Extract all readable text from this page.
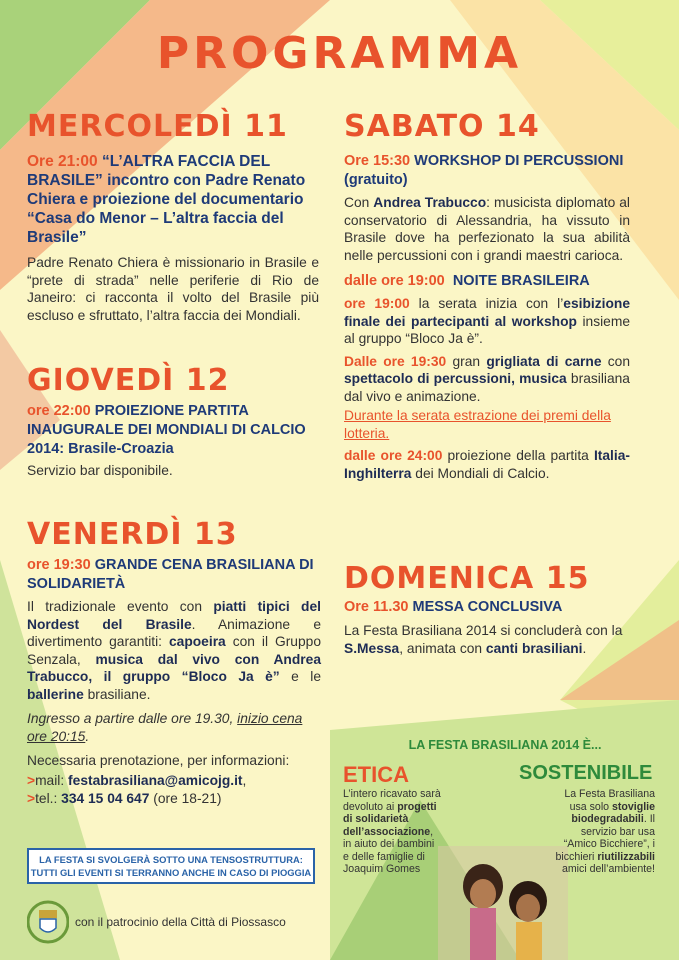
PROGRAMMA

MERCOLEDÌ 11

Ore 21:00 “L’ALTRA FACCIA DEL BRASILE” incontro con Padre Renato Chiera e proiezione del documentario “Casa do Menor – L’altra faccia del Brasile”

Padre Renato Chiera è missionario in Brasile e “prete di strada” nelle periferie di Rio de Janeiro: ci racconta il volto del Brasile più escluso e sfruttato, l’altra faccia dei Mondiali.

GIOVEDÌ 12

ore 22:00 PROIEZIONE PARTITA INAUGURALE DEI MONDIALI DI CALCIO 2014: Brasile-Croazia

Servizio bar disponibile.

VENERDÌ 13

ore 19:30 GRANDE CENA BRASILIANA DI SOLIDARIETÀ

Il tradizionale evento con piatti tipici del Nordest del Brasile. Animazione e divertimento garantiti: capoeira con il Gruppo Senzala, musica dal vivo con Andrea Trabucco, il gruppo “Bloco Ja è” e le ballerine brasiliane.

Ingresso a partire dalle ore 19.30, inizio cena ore 20:15.

Necessaria prenotazione, per informazioni:

>mail: festabrasiliana@amicojg.it,

>tel.: 334 15 04 647 (ore 18-21)

LA FESTA SI SVOLGERÀ SOTTO UNA TENSOSTRUTTURA:
TUTTI GLI EVENTI SI TERRANNO ANCHE IN CASO DI PIOGGIA
con il patrocinio della Città di Piossasco

SABATO 14

Ore 15:30 WORKSHOP DI PERCUSSIONI (gratuito)

Con Andrea Trabucco: musicista diplomato al conservatorio di Alessandria, ha vissuto in Brasile dove ha perfezionato la sua abilità nelle percussioni con i grandi maestri carioca.

dalle ore 19:00 NOITE BRASILEIRA

ore 19:00 la serata inizia con l’esibizione finale dei partecipanti al workshop insieme al gruppo “Bloco Ja è”.

Dalle ore 19:30 gran grigliata di carne con spettacolo di percussioni, musica brasiliana dal vivo e animazione.

Durante la serata estrazione dei premi della lotteria.

dalle ore 24:00 proiezione della partita Italia-Inghilterra dei Mondiali di Calcio.

DOMENICA 15

Ore 11.30 MESSA CONCLUSIVA

La Festa Brasiliana 2014 si concluderà con la S.Messa, animata con canti brasiliani.

LA FESTA BRASILIANA 2014 È...
ETICA

L’intero ricavato sarà devoluto ai progetti di solidarietà dell’associazione, in aiuto dei bambini e delle famiglie di Joaquim Gomes

SOSTENIBILE

La Festa Brasiliana usa solo stoviglie biodegradabili. Il servizio bar usa “Amico Bicchiere”, i bicchieri riutilizzabili amici dell’ambiente!
